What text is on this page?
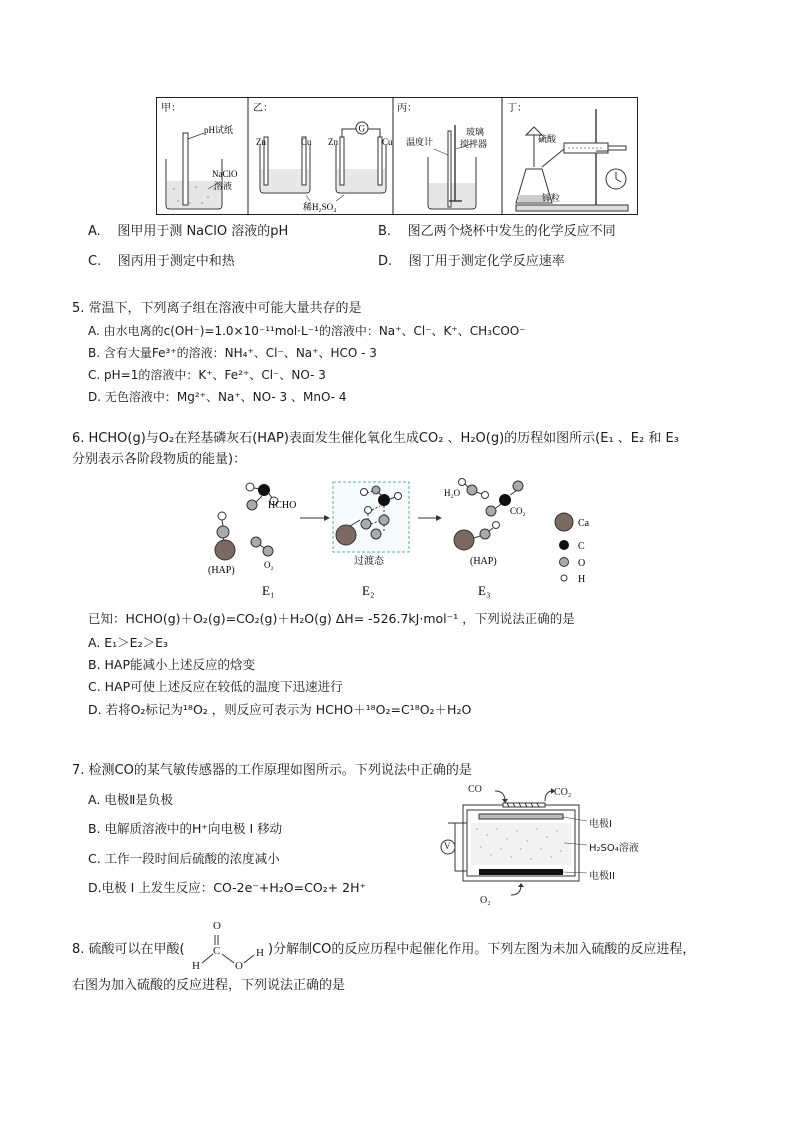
甲：
pH试纸
NaClO
溶液
乙：
Zn	Cu Zn	Cu
G
稀H₂SO₄
丙：
温度计
玻璃
搅拌器
丁：
硫酸
锌粒
A. 图甲用于测 NaClO 溶液的pH	B. 图乙两个烧杯中发生的化学反应不同
C. 图丙用于测定中和热	D. 图丁用于测定化学反应速率
5. 常温下，下列离子组在溶液中可能大量共存的是
A. 由水电离的c(OH⁻)=1.0×10⁻¹¹mol·L⁻¹的溶液中：Na⁺、Cl⁻、K⁺、CH₃COO⁻
B. 含有大量Fe³⁺的溶液：NH₄⁺、Cl⁻、Na⁺、HCO - 3
C. pH=1的溶液中：K⁺、Fe²⁺、Cl⁻、NO- 3
D. 无色溶液中：Mg²⁺、Na⁺、NO- 3 、MnO- 4
6. HCHO(g)与O₂在羟基磷灰石(HAP)表面发生催化氧化生成CO₂ 、H₂O(g)的历程如图所示(E₁ 、E₂ 和 E₃
分别表示各阶段物质的能量)：
HCHO
(HAP)	O₂	过渡态
H₂O
CO₂
(HAP)
Ca
C
O
H
E₁	E₂	E₃
已知：HCHO(g)＋O₂(g)=CO₂(g)＋H₂O(g) ΔH= -526.7kJ·mol⁻¹ ，下列说法正确的是
A. E₁＞E₂＞E₃
B. HAP能减小上述反应的焓变
C. HAP可使上述反应在较低的温度下迅速进行
D. 若将O₂标记为¹⁸O₂ ，则反应可表示为 HCHO＋¹⁸O₂=C¹⁸O₂＋H₂O
7. 检测CO的某气敏传感器的工作原理如图所示。下列说法中正确的是
A. 电极Ⅱ是负极
B. 电解质溶液中的H⁺向电极 Ⅰ 移动
C. 工作一段时间后硫酸的浓度减小
D.电极 Ⅰ 上发生反应：CO-2e⁻+H₂O=CO₂+ 2H⁺
CO	CO₂
电极I
H₂SO₄溶液
电极II
O₂
V
8. 硫酸可以在甲酸(
O
C
H	O
H )分解制CO的反应历程中起催化作用。下列左图为未加入硫酸的反应进程，
右图为加入硫酸的反应进程，下列说法正确的是
